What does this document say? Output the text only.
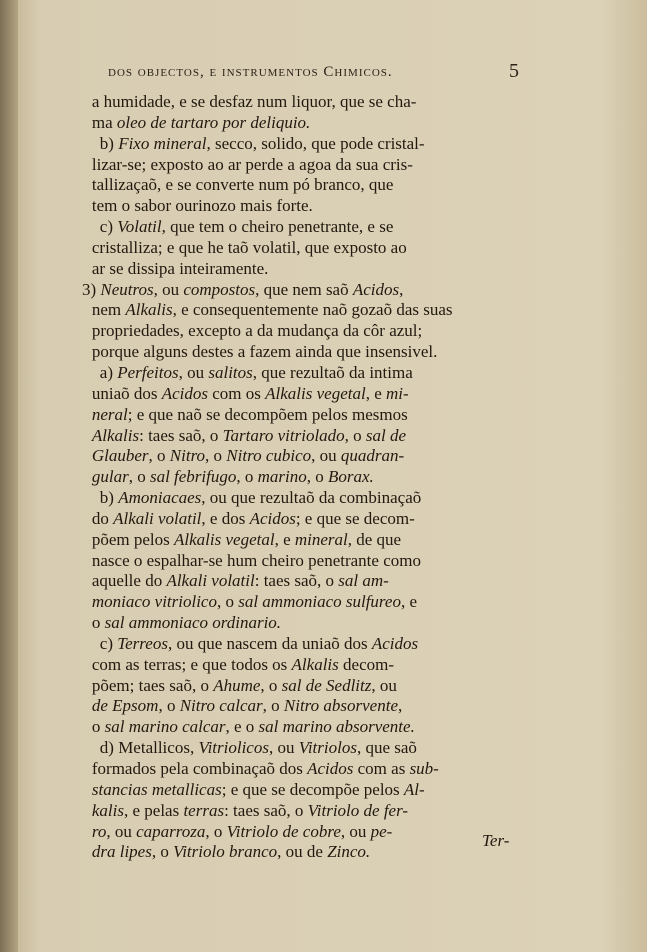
dos objectos, e instrumentos Chimicos.	5
a humidade, e se desfaz num liquor, que se cha-
ma oleo de tartaro por deliquio.
b) Fixo mineral, secco, solido, que pode cristal-
lizar-se; exposto ao ar perde a agoa da sua cris-
tallizaçaõ, e se converte num pó branco, que
tem o sabor ourinozo mais forte.
c) Volatil, que tem o cheiro penetrante, e se
cristalliza; e que he taõ volatil, que exposto ao
ar se dissipa inteiramente.
3) Neutros, ou compostos, que nem saõ Acidos,
nem Alkalis, e consequentemente naõ gozaõ das suas
propriedades, excepto a da mudança da côr azul;
porque alguns destes a fazem ainda que insensivel.
a) Perfeitos, ou salitos, que rezultaõ da intima
uniaõ dos Acidos com os Alkalis vegetal, e mi-
neral; e que naõ se decompõem pelos mesmos
Alkalis: taes saõ, o Tartaro vitriolado, o sal de
Glauber, o Nitro, o Nitro cubico, ou quadran-
gular, o sal febrifugo, o marino, o Borax.
b) Amoniacaes, ou que rezultaõ da combinaçaõ
do Alkali volatil, e dos Acidos; e que se decom-
põem pelos Alkalis vegetal, e mineral, de que
nasce o espalhar-se hum cheiro penetrante como
aquelle do Alkali volatil: taes saõ, o sal am-
moniaco vitriolico, o sal ammoniaco sulfureo, e
o sal ammoniaco ordinario.
c) Terreos, ou que nascem da uniaõ dos Acidos
com as terras; e que todos os Alkalis decom-
põem; taes saõ, o Ahume, o sal de Sedlitz, ou
de Epsom, o Nitro calcar, o Nitro absorvente,
o sal marino calcar, e o sal marino absorvente.
d) Metallicos, Vitriolicos, ou Vitriolos, que saõ
formados pela combinaçaõ dos Acidos com as sub-
stancias metallicas; e que se decompõe pelos Al-
kalis, e pelas terras: taes saõ, o Vitriolo de fer-
ro, ou caparroza, o Vitriolo de cobre, ou pe-
dra lipes, o Vitriolo branco, ou de Zinco.
Ter-
